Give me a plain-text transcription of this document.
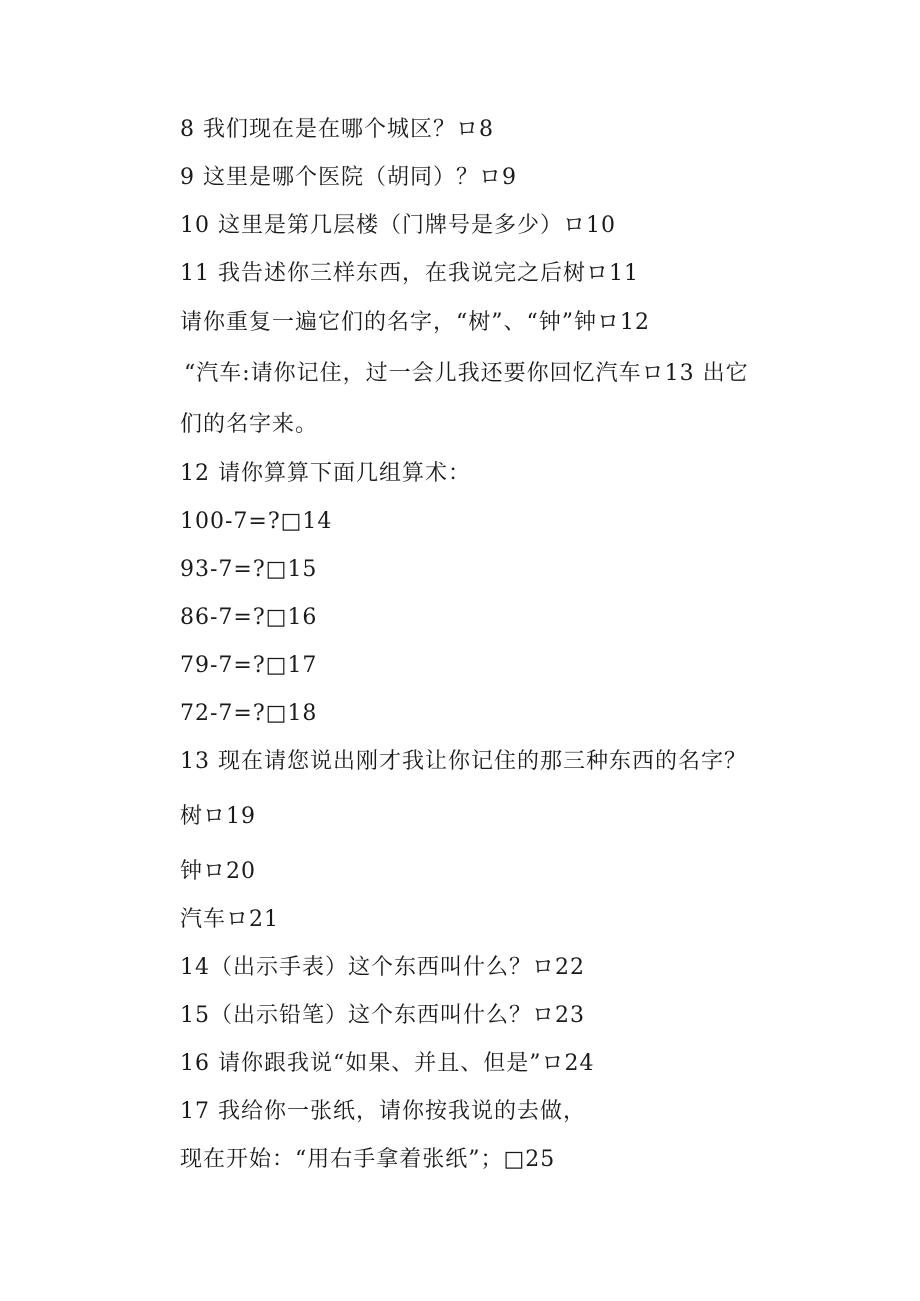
8 我们现在是在哪个城区？ロ8
9 这里是哪个医院（胡同）？ロ9
10 这里是第几层楼（门牌号是多少）ロ10
11 我告述你三样东西，在我说完之后树ロ11
请你重复一遍它们的名字，“树”、“钟”钟ロ12
“汽车:请你记住，过一会儿我还要你回忆汽车ロ13 出它
们的名字来。
12 请你算算下面几组算术：
100-7=?□14
93-7=?□15
86-7=?□16
79-7=?□17
72-7=?□18
13 现在请您说出刚才我让你记住的那三种东西的名字？
树ロ19
钟ロ20
汽车ロ21
14（出示手表）这个东西叫什么？ロ22
15（出示铅笔）这个东西叫什么？ロ23
16 请你跟我说“如果、并且、但是”ロ24
17 我给你一张纸，请你按我说的去做，
现在开始：“用右手拿着张纸”；□25
